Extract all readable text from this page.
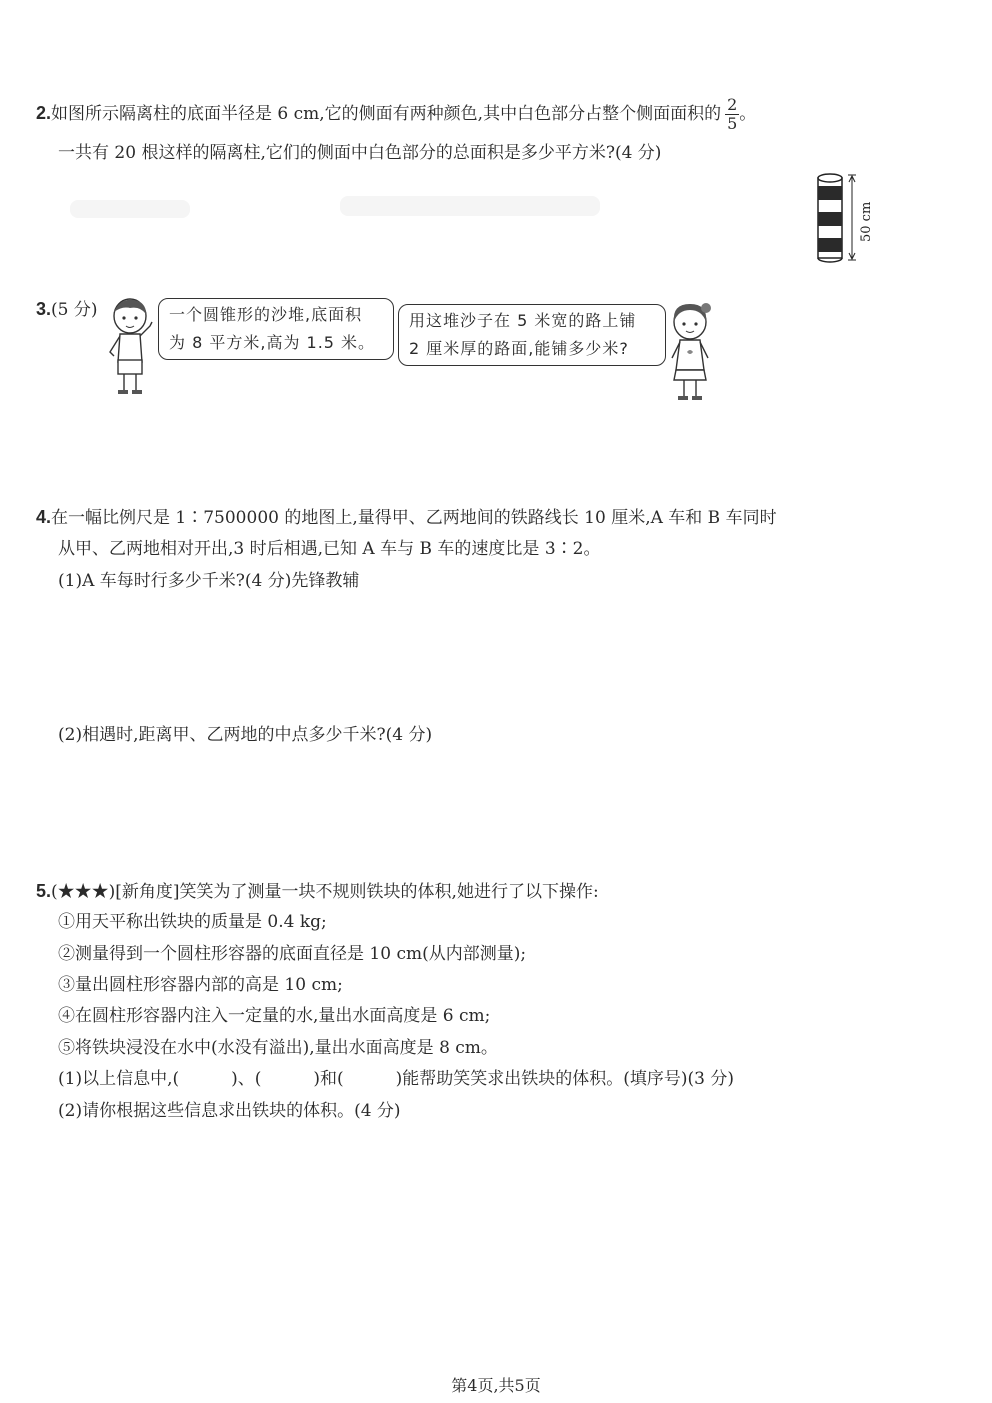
2.如图所示隔离柱的底面半径是 6 cm,它的侧面有两种颜色,其中白色部分占整个侧面面积的 $\frac{2}{5}$ 。
一共有 20 根这样的隔离柱,它们的侧面中白色部分的总面积是多少平方米?(4 分)
50 cm
3.(5 分)	一个圆锥形的沙堆,底面积
为 8 平方米,高为 1.5 米。
用这堆沙子在 5 米宽的路上铺
2 厘米厚的路面,能铺多少米?
4.在一幅比例尺是 1∶7500000 的地图上,量得甲、乙两地间的铁路线长 10 厘米,A 车和 B 车同时
从甲、乙两地相对开出,3 时后相遇,已知 A 车与 B 车的速度比是 3∶2。
(1)A 车每时行多少千米?(4 分)先锋教辅
(2)相遇时,距离甲、乙两地的中点多少千米?(4 分)
5.(★★★)[新角度]笑笑为了测量一块不规则铁块的体积,她进行了以下操作:
①用天平称出铁块的质量是 0.4 kg;
②测量得到一个圆柱形容器的底面直径是 10 cm(从内部测量);
③量出圆柱形容器内部的高是 10 cm;
④在圆柱形容器内注入一定量的水,量出水面高度是 6 cm;
⑤将铁块浸没在水中(水没有溢出),量出水面高度是 8 cm。
(1)以上信息中,(	)、(	)和(	)能帮助笑笑求出铁块的体积。(填序号)(3 分)
(2)请你根据这些信息求出铁块的体积。(4 分)
第4页,共5页
